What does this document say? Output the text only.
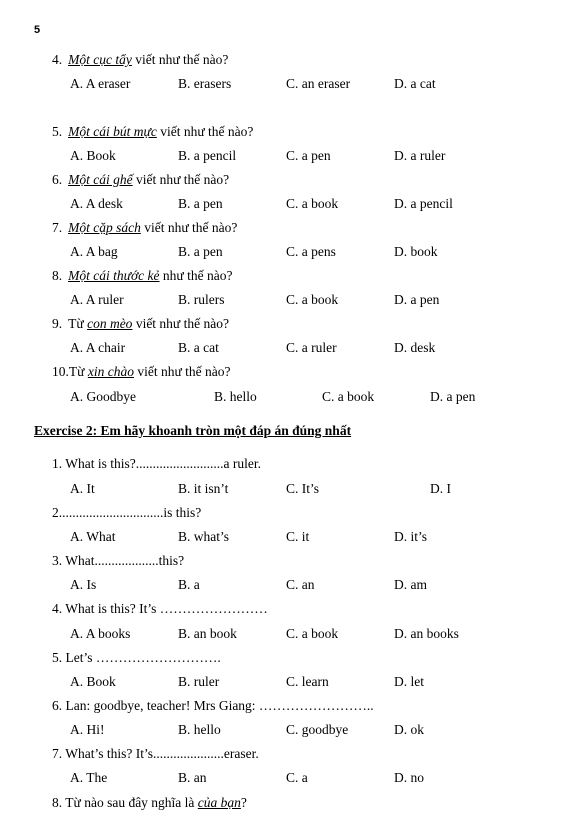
5
4. Một cục tẩy viết như thế nào?
A. A eraser	B. erasers	C. an eraser	D. a cat
5. Một cái bút mực viết như thế nào?
A. Book	B. a pencil	C. a pen	D. a ruler
6. Một cái ghế viết như thế nào?
A. A desk	B. a pen	C. a book	D. a pencil
7. Một cặp sách viết như thế nào?
A. A bag	B. a pen	C. a pens	D. book
8. Một cái thước kẻ như thế nào?
A. A ruler	B. rulers	C. a book	D. a pen
9. Từ con mèo viết như thế nào?
A. A chair	B. a cat	C. a ruler	D. desk
10.Từ xin chào viết như thế nào?
A. Goodbye	B. hello	C. a book	D. a pen
Exercise 2: Em hãy khoanh tròn một đáp án đúng nhất
1. What is this?..........................a ruler.
A. It	B. it isn’t	C. It’s	D. I
2...............................is this?
A. What	B. what’s	C. it	D. it’s
3. What...................this?
A. Is	B. a	C. an	D. am
4. What is this? It’s ……………………
A. A books	B. an book	C. a book	D. an books
5. Let’s ……………………….
A. Book	B. ruler	C. learn	D. let
6. Lan: goodbye, teacher! Mrs Giang: ……………………..
A. Hi!	B. hello	C. goodbye	D. ok
7. What’s this? It’s.....................eraser.
A. The	B. an	C. a	D. no
8. Từ nào sau đây nghĩa là của bạn?
